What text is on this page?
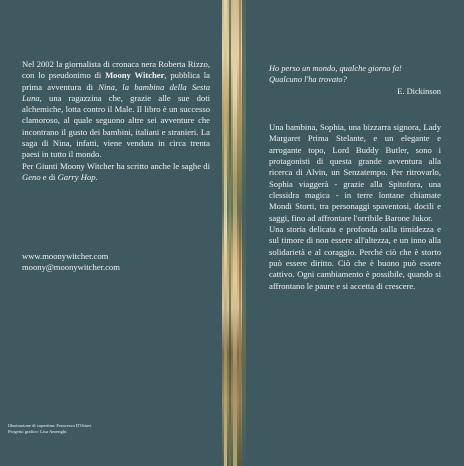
Nel 2002 la giornalista di cronaca nera Roberta Rizzo, con lo pseudonimo di Moony Witcher, pubblica la prima avventura di Nina, la bambina della Sesta Luna, una ragazzina che, grazie alle sue doti alchemiche, lotta contro il Male. Il libro è un successo clamoroso, al quale seguono altre sei avventure che incontrano il gusto dei bambini, italiani e stranieri. La saga di Nina, infatti, viene venduta in circa trenta paesi in tutto il mondo.

Per Giunti Moony Witcher ha scritto anche le saghe di Geno e di Garry Hop.

www.moonywitcher.com
moony@moonywitcher.com
Illustrazione di copertina: Francesca D'Ottavi
Progetto grafico: Lisa Amerighi
Ho perso un mondo, qualche giorno fa!
Qualcuno l'ha trovato?
E. Dickinson

Una bambina, Sophia, una bizzarra signora, Lady Margaret Prima Stelante, e un elegante e arrogante topo, Lord Buddy Butler, sono i protagonisti di questa grande avventura alla ricerca di Alvin, un Senzatempo. Per ritrovarlo, Sophia viaggerà - grazie alla Spitofora, una clessidra magica - in terre lontane chiamate Mondi Storti, tra personaggi spaventosi, docili e saggi, fino ad affrontare l'orribile Barone Jukor.

Una storia delicata e profonda sulla timidezza e sul timore di non essere all'altezza, e un inno alla solidarietà e al coraggio. Perché ciò che è storto può essere diritto. Ciò che è buono può essere cattivo. Ogni cambiamento è possibile, quando si affrontano le paure e si accetta di crescere.
